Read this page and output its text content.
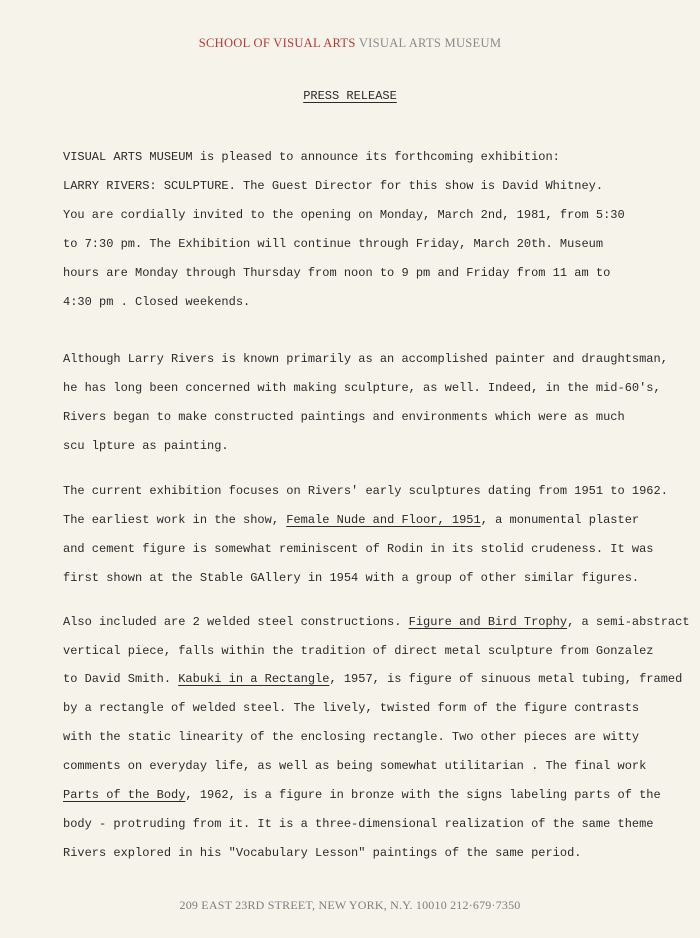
SCHOOL OF VISUAL ARTS VISUAL ARTS MUSEUM
PRESS RELEASE
VISUAL ARTS MUSEUM is pleased to announce its forthcoming exhibition:
LARRY RIVERS: SCULPTURE. The Guest Director for this show is David Whitney.
You are cordially invited to the opening on Monday, March 2nd, 1981, from 5:30
to 7:30 pm. The Exhibition will continue through Friday, March 20th. Museum
hours are Monday through Thursday from noon to 9 pm and Friday from 11 am to
4:30 pm . Closed weekends.
Although Larry Rivers is known primarily as an accomplished painter and draughtsman,
he has long been concerned with making sculpture, as well. Indeed, in the mid-60's,
Rivers began to make constructed paintings and environments which were as much
scu lpture as painting.
The current exhibition focuses on Rivers' early sculptures dating from 1951 to 1962.
The earliest work in the show, Female Nude and Floor, 1951, a monumental plaster
and cement figure is somewhat reminiscent of Rodin in its stolid crudeness. It was
first shown at the Stable GAllery in 1954 with a group of other similar figures.
Also included are 2 welded steel constructions. Figure and Bird Trophy, a semi-abstract
vertical piece, falls within the tradition of direct metal sculpture from Gonzalez
to David Smith. Kabuki in a Rectangle, 1957, is figure of sinuous metal tubing, framed
by a rectangle of welded steel. The lively, twisted form of the figure contrasts
with the static linearity of the enclosing rectangle. Two other pieces are witty
comments on everyday life, as well as being somewhat utilitarian . The final work
Parts of the Body, 1962, is a figure in bronze with the signs labeling parts of the
body - protruding from it. It is a three-dimensional realization of the same theme
Rivers explored in his "Vocabulary Lesson" paintings of the same period.
209 EAST 23RD STREET, NEW YORK, N.Y. 10010 212·679·7350
